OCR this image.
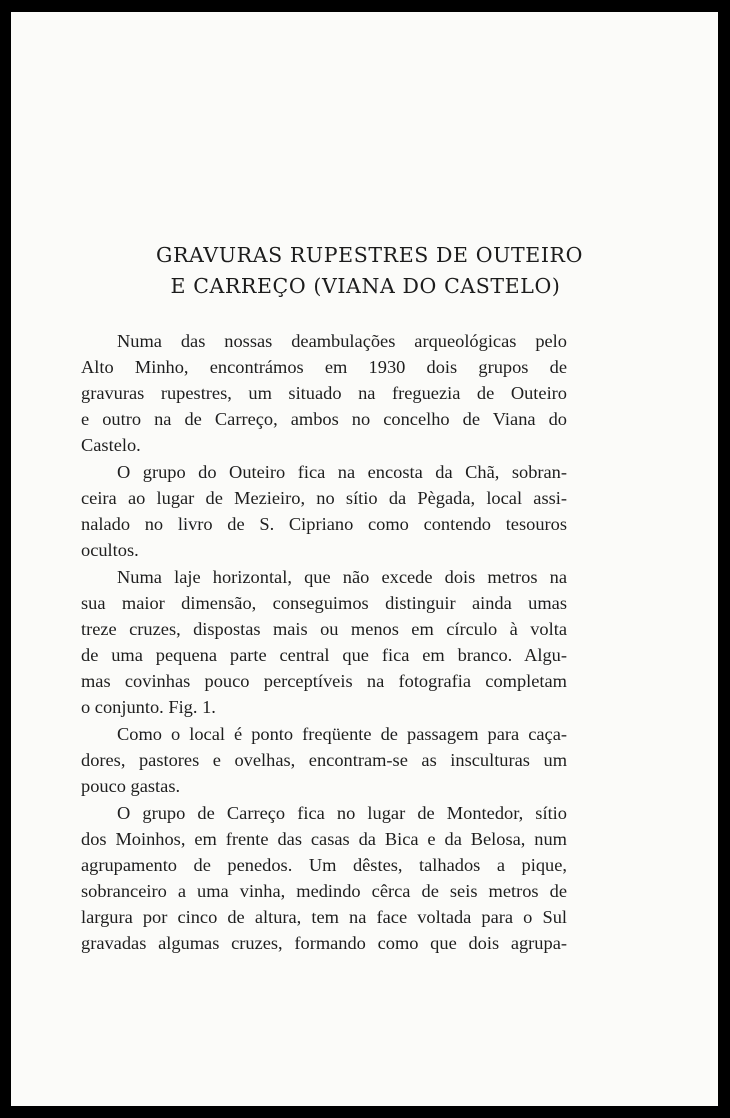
GRAVURAS RUPESTRES DE OUTEIRO
E CARREÇO (VIANA DO CASTELO)
Numa das nossas deambulações arqueológicas pelo
Alto Minho, encontrámos em 1930 dois grupos de
gravuras rupestres, um situado na freguezia de Outeiro
e outro na de Carreço, ambos no concelho de Viana do
Castelo.
O grupo do Outeiro fica na encosta da Chã, sobran-
ceira ao lugar de Mezieiro, no sítio da Pègada, local assi-
nalado no livro de S. Cipriano como contendo tesouros
ocultos.
Numa laje horizontal, que não excede dois metros na
sua maior dimensão, conseguimos distinguir ainda umas
treze cruzes, dispostas mais ou menos em círculo à volta
de uma pequena parte central que fica em branco. Algu-
mas covinhas pouco perceptíveis na fotografia completam
o conjunto. Fig. 1.
Como o local é ponto freqüente de passagem para caça-
dores, pastores e ovelhas, encontram-se as insculturas um
pouco gastas.
O grupo de Carreço fica no lugar de Montedor, sítio
dos Moinhos, em frente das casas da Bica e da Belosa, num
agrupamento de penedos. Um dêstes, talhados a pique,
sobranceiro a uma vinha, medindo cêrca de seis metros de
largura por cinco de altura, tem na face voltada para o Sul
gravadas algumas cruzes, formando como que dois agrupa-
